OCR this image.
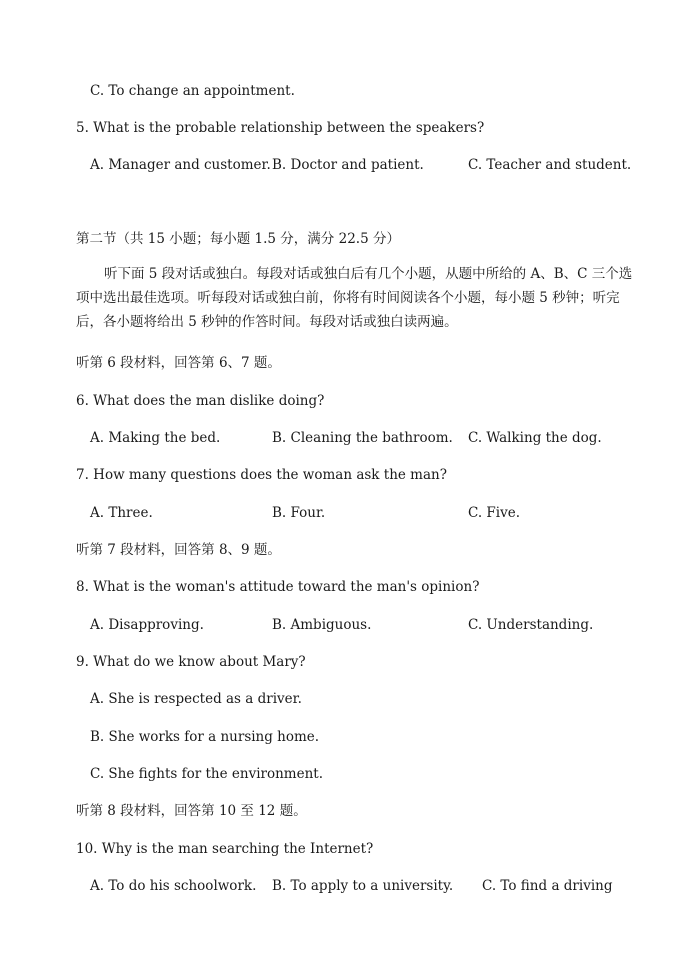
C. To change an appointment.
5. What is the probable relationship between the speakers?
A. Manager and customer. B. Doctor and patient.	C. Teacher and student.
第二节（共 15 小题；每小题 1.5 分，满分 22.5 分）
听下面 5 段对话或独白。每段对话或独白后有几个小题，从题中所给的 A、B、C 三个选项中选出最佳选项。听每段对话或独白前，你将有时间阅读各个小题，每小题 5 秒钟；听完后，各小题将给出 5 秒钟的作答时间。每段对话或独白读两遍。
听第 6 段材料，回答第 6、7 题。
6. What does the man dislike doing?
A. Making the bed.	B. Cleaning the bathroom. C. Walking the dog.
7. How many questions does the woman ask the man?
A. Three.	B. Four.	C. Five.
听第 7 段材料，回答第 8、9 题。
8. What is the woman's attitude toward the man's opinion?
A. Disapproving.	B. Ambiguous.	C. Understanding.
9. What do we know about Mary?
A. She is respected as a driver.
B. She works for a nursing home.
C. She fights for the environment.
听第 8 段材料，回答第 10 至 12 题。
10. Why is the man searching the Internet?
A. To do his schoolwork. B. To apply to a university. C. To find a driving
